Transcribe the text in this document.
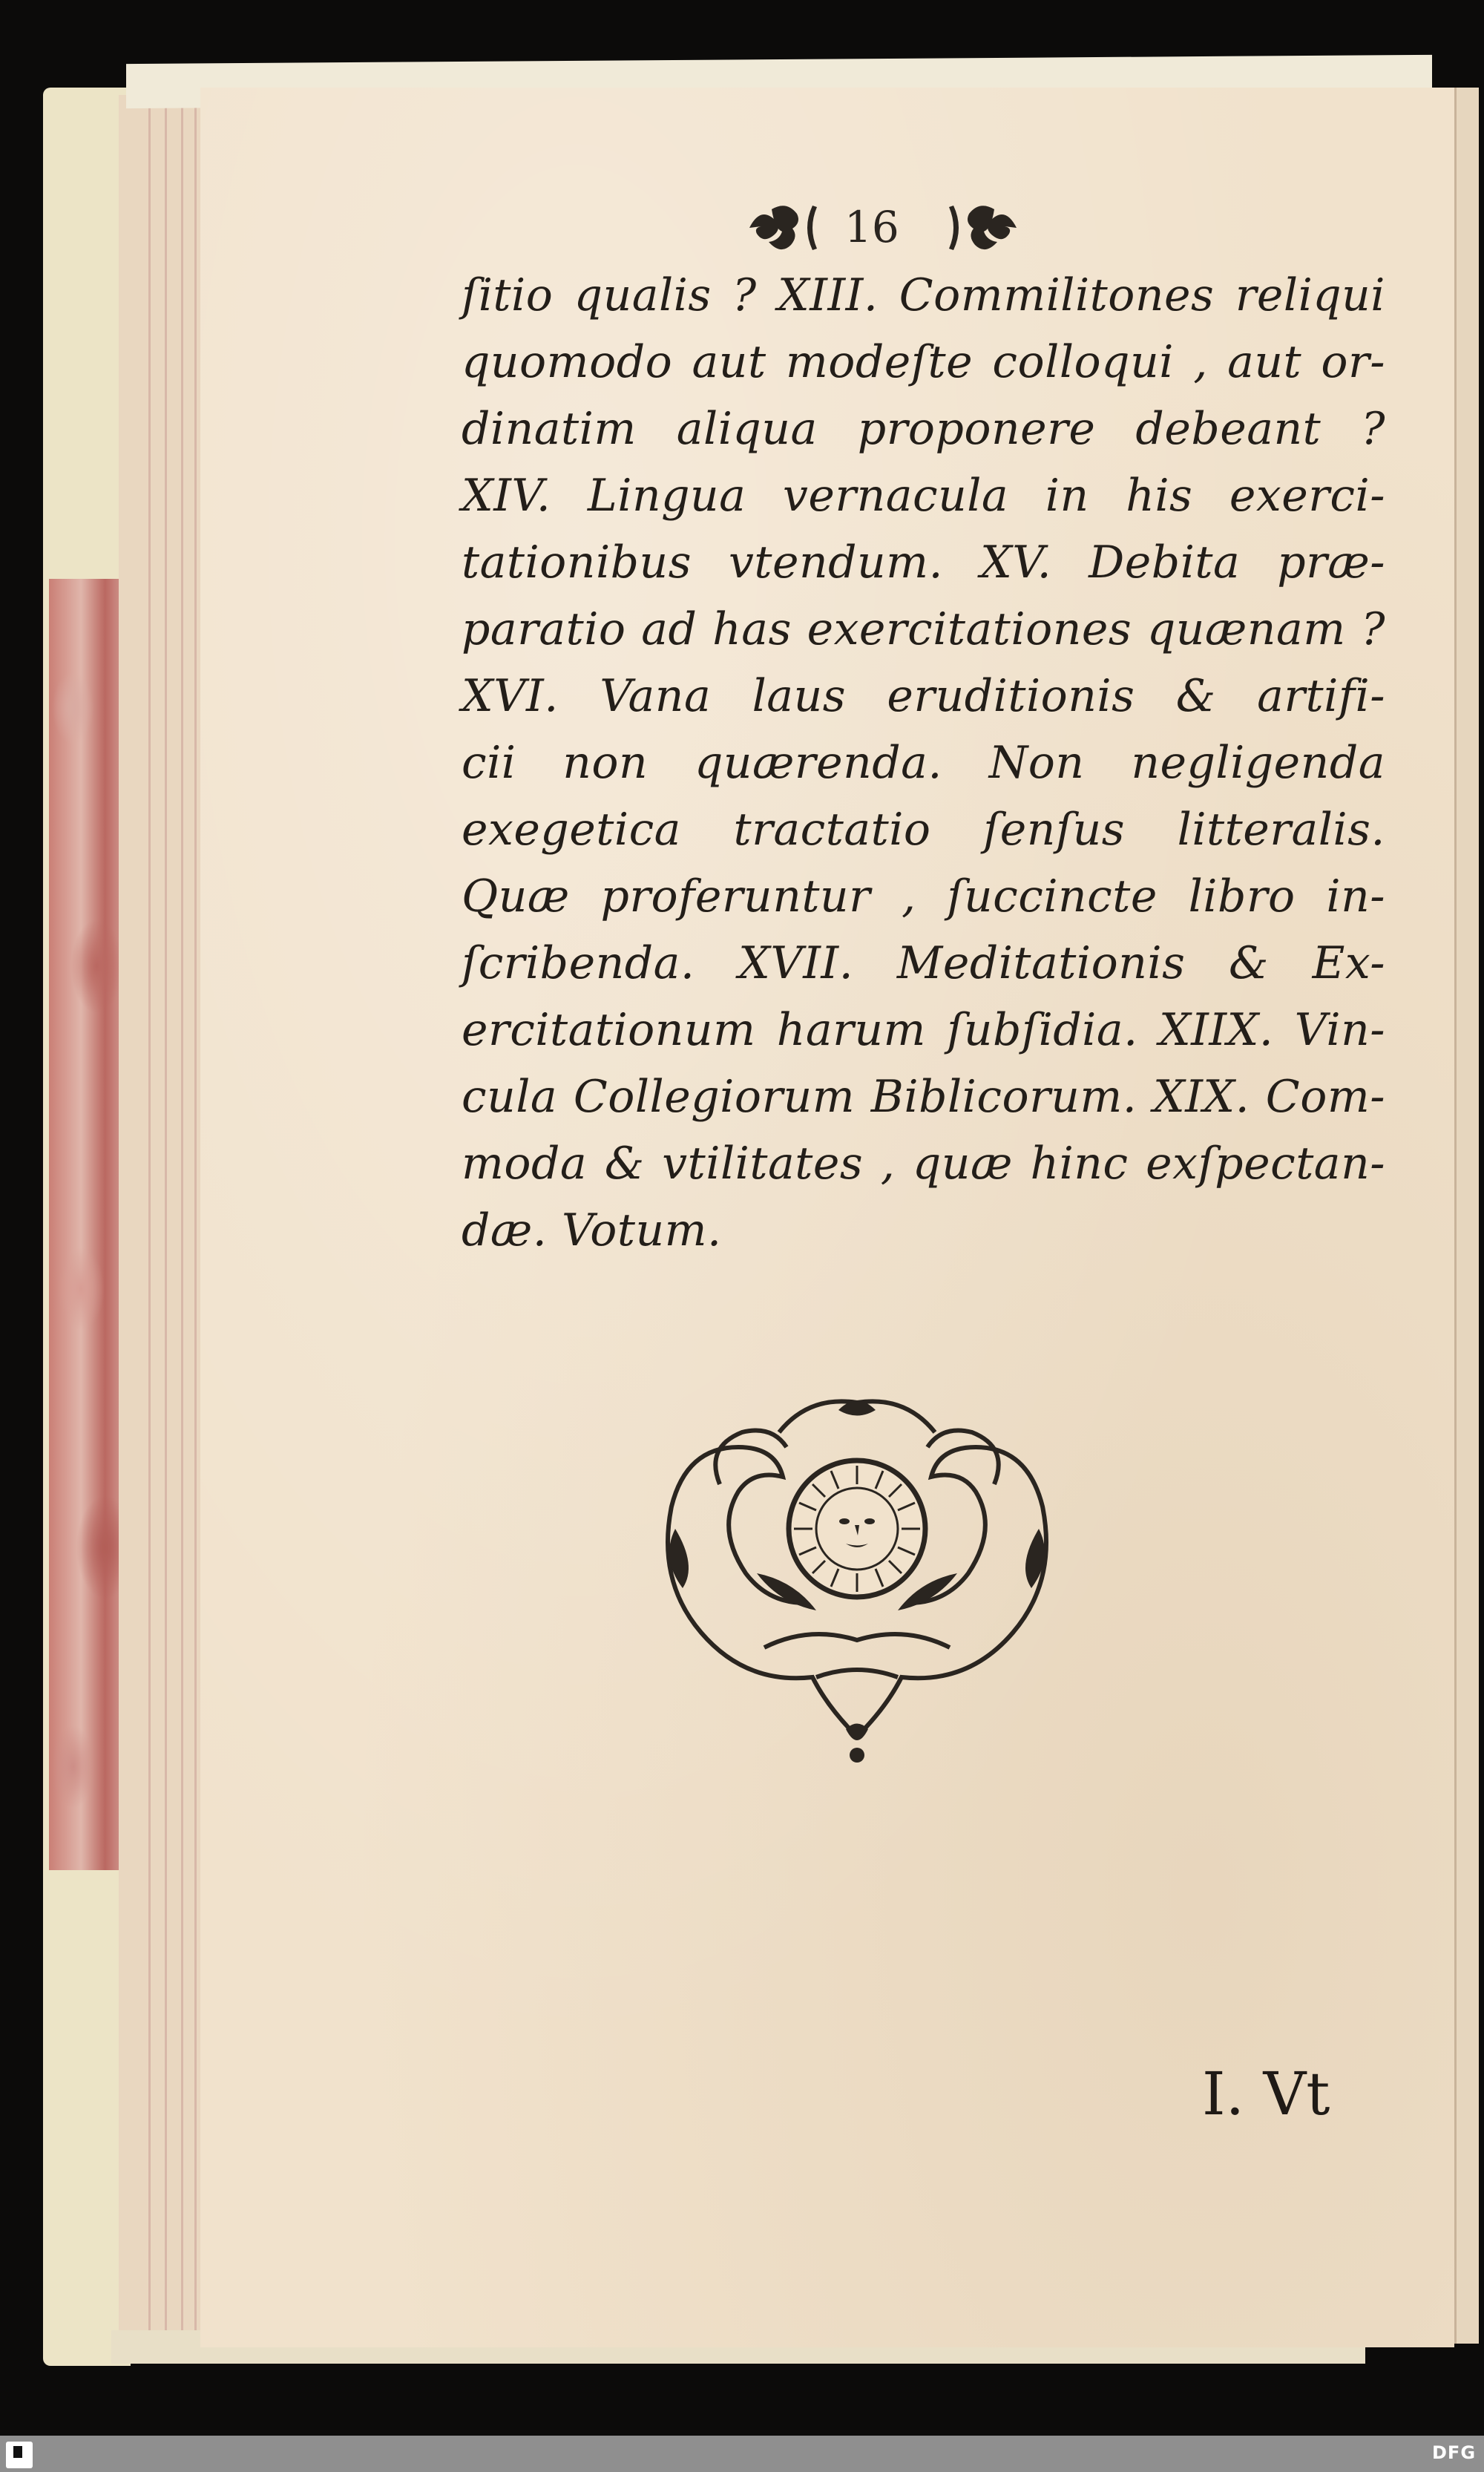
16
ſitio qualis ? XIII. Commilitones reliqui
quomodo aut modeſte colloqui , aut or-
dinatim aliqua proponere debeant ?
XIV. Lingua vernacula in his exerci-
tationibus vtendum. XV. Debita præ-
paratio ad has exercitationes quænam ?
XVI. Vana laus eruditionis & artifi-
cii non quærenda. Non negligenda
exegetica tractatio ſenſus litteralis.
Quæ proferuntur , ſuccincte libro in-
ſcribenda. XVII. Meditationis & Ex-
ercitationum harum ſubſidia. XIIX. Vin-
cula Collegiorum Biblicorum. XIX. Com-
moda & vtilitates , quæ hinc exſpectan-
dæ. Votum.
I. Vt
DFG
